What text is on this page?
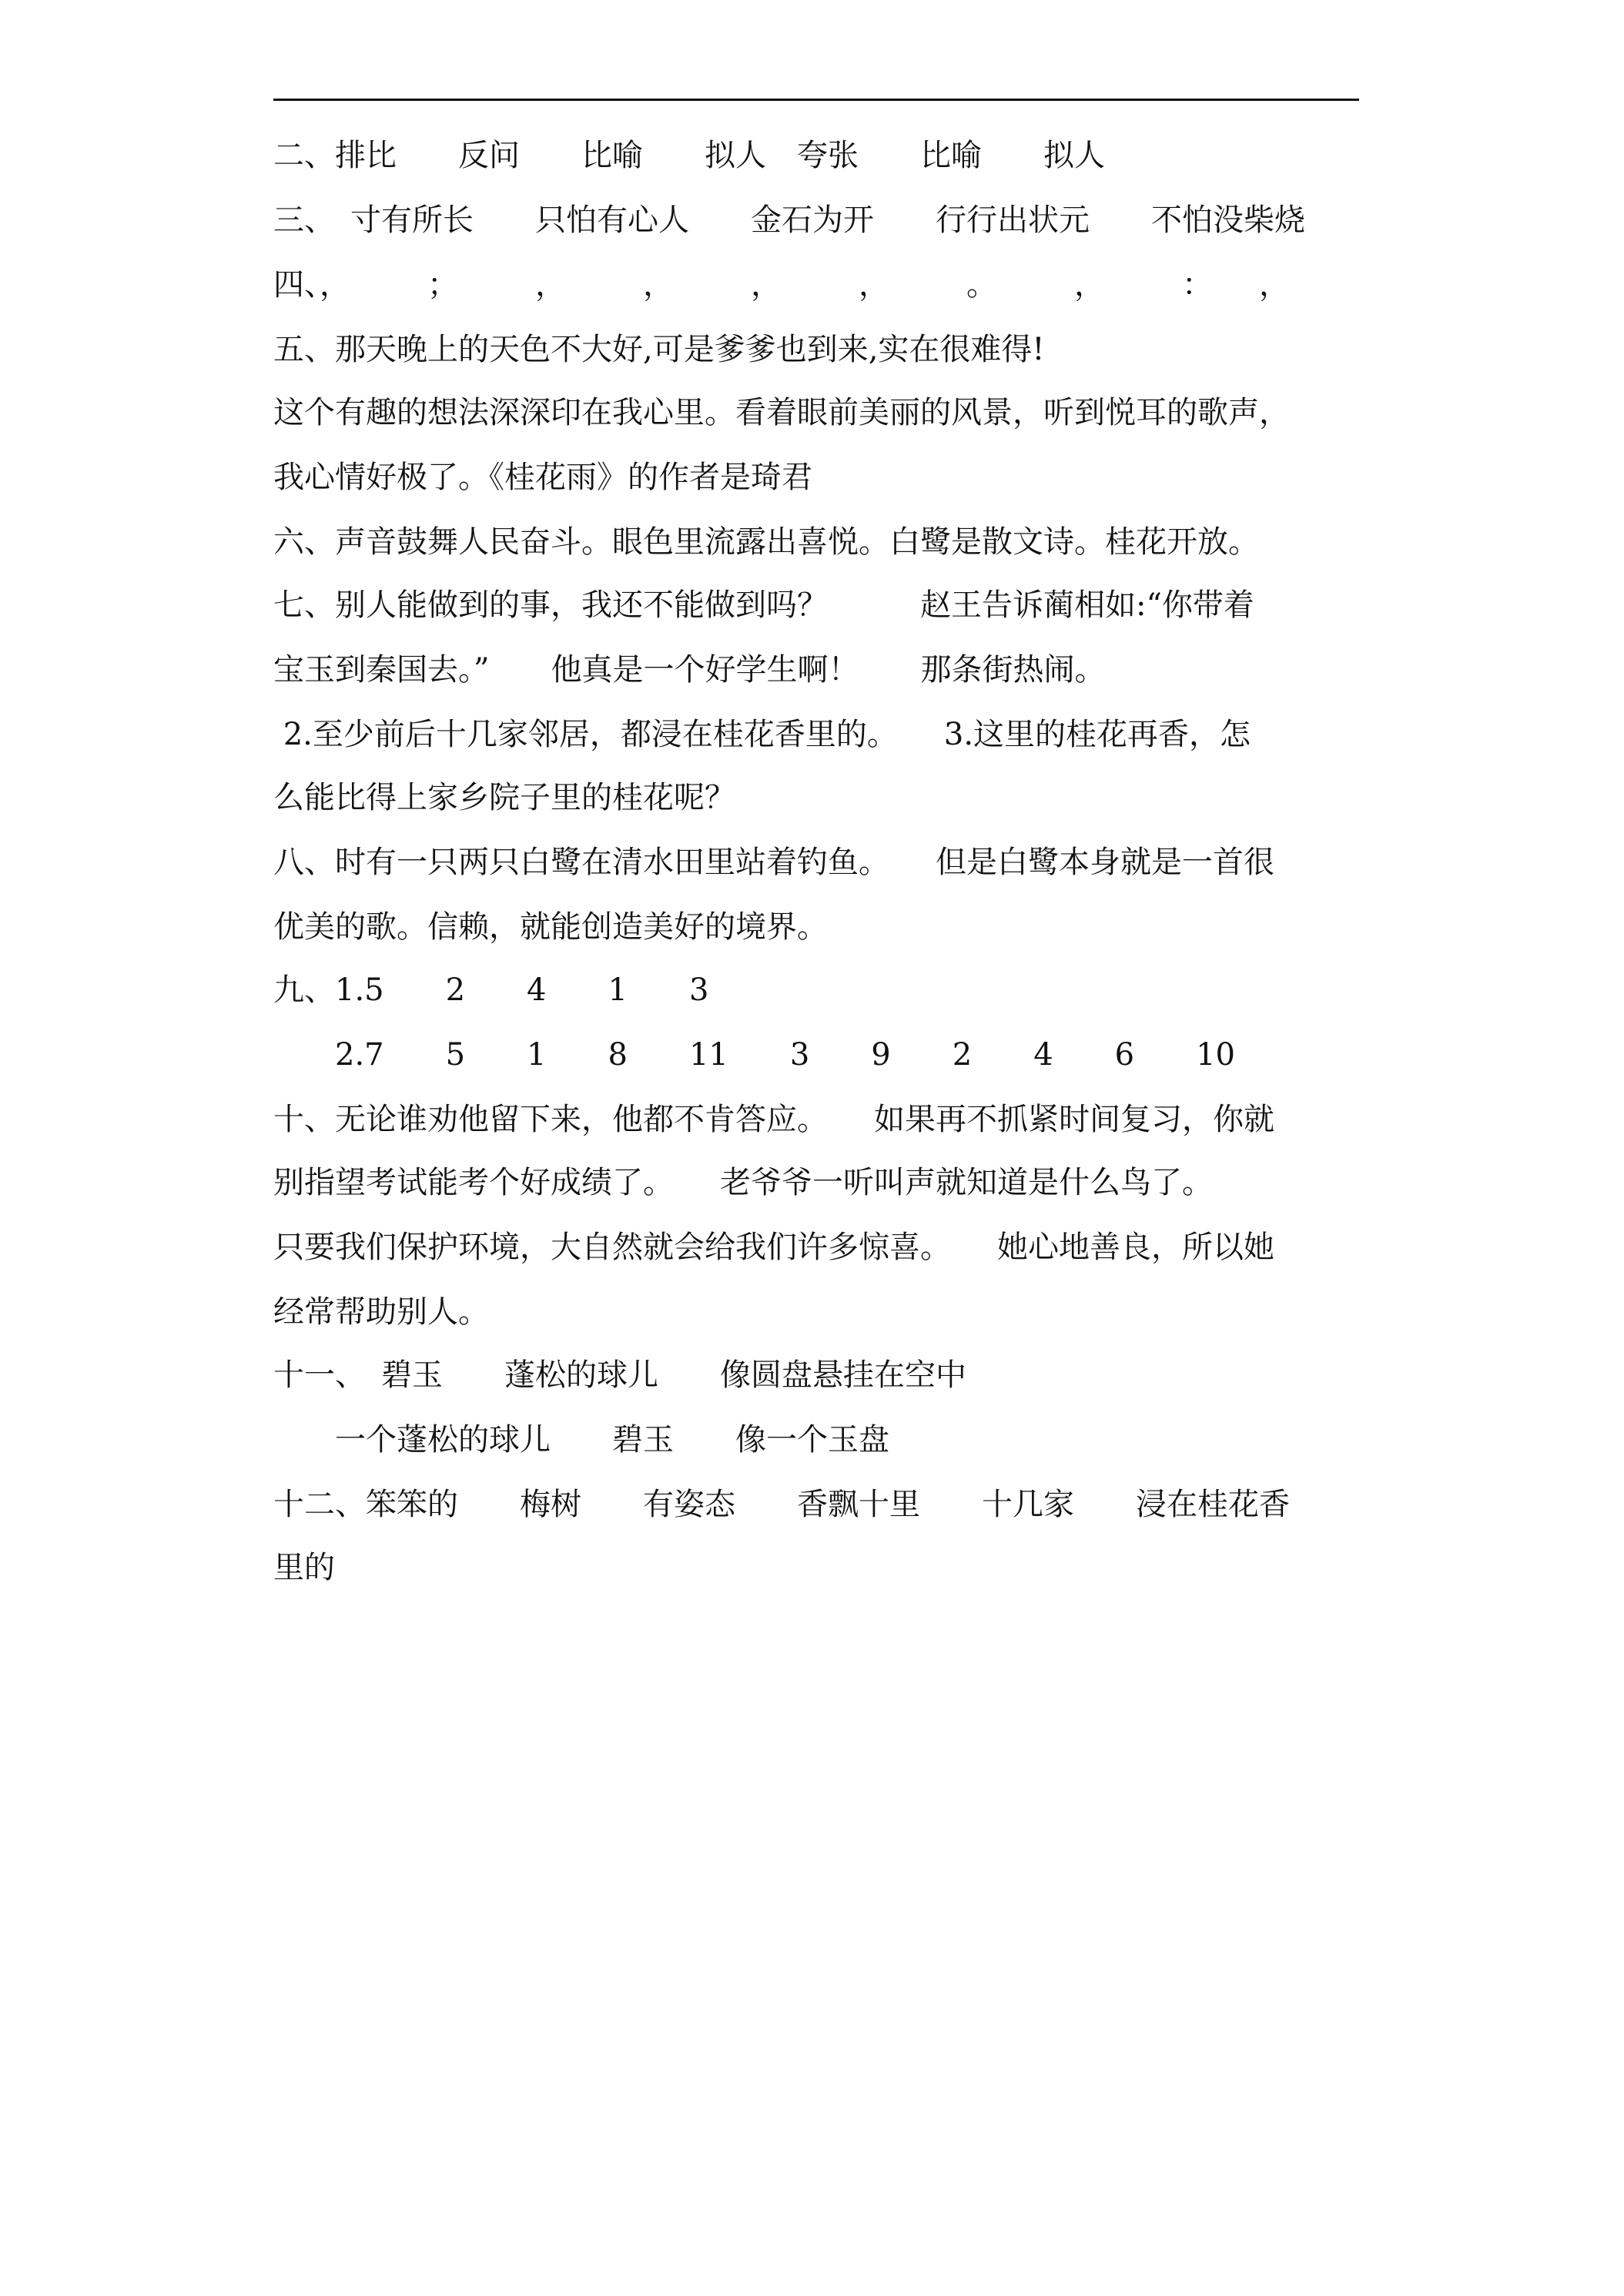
二、排比　　反问　　比喻　　拟人　夸张　　比喻　　拟人
三、　寸有所长　　只怕有心人　　金石为开　　行行出状元　　不怕没柴烧
四、，　　　；　　　，　　　，　　　，　　　，　　　。　　　，　　　：　　，
五、那天晚上的天色不大好,可是爹爹也到来,实在很难得!
这个有趣的想法深深印在我心里。看着眼前美丽的风景，听到悦耳的歌声，
我心情好极了。《桂花雨》的作者是琦君
六、声音鼓舞人民奋斗。眼色里流露出喜悦。白鹭是散文诗。桂花开放。
七、别人能做到的事，我还不能做到吗？　　　赵王告诉蔺相如:“你带着
宝玉到秦国去。”　　他真是一个好学生啊！　　那条街热闹。
2.至少前后十几家邻居，都浸在桂花香里的。　　3.这里的桂花再香，怎
么能比得上家乡院子里的桂花呢？
八、时有一只两只白鹭在清水田里站着钓鱼。　　但是白鹭本身就是一首很
优美的歌。信赖，就能创造美好的境界。
九、1.5　　2　　4　　1　　3
　　2.7　　5　　1　　8　　11　　3　　9　　2　　4　　6　　10
十、无论谁劝他留下来，他都不肯答应。　　如果再不抓紧时间复习，你就
别指望考试能考个好成绩了。　　老爷爷一听叫声就知道是什么鸟了。
只要我们保护环境，大自然就会给我们许多惊喜。　　她心地善良，所以她
经常帮助别人。
十一、　碧玉　　蓬松的球儿　　像圆盘悬挂在空中
　　一个蓬松的球儿　　碧玉　　像一个玉盘
十二、笨笨的　　梅树　　有姿态　　香飘十里　　十几家　　浸在桂花香
里的
